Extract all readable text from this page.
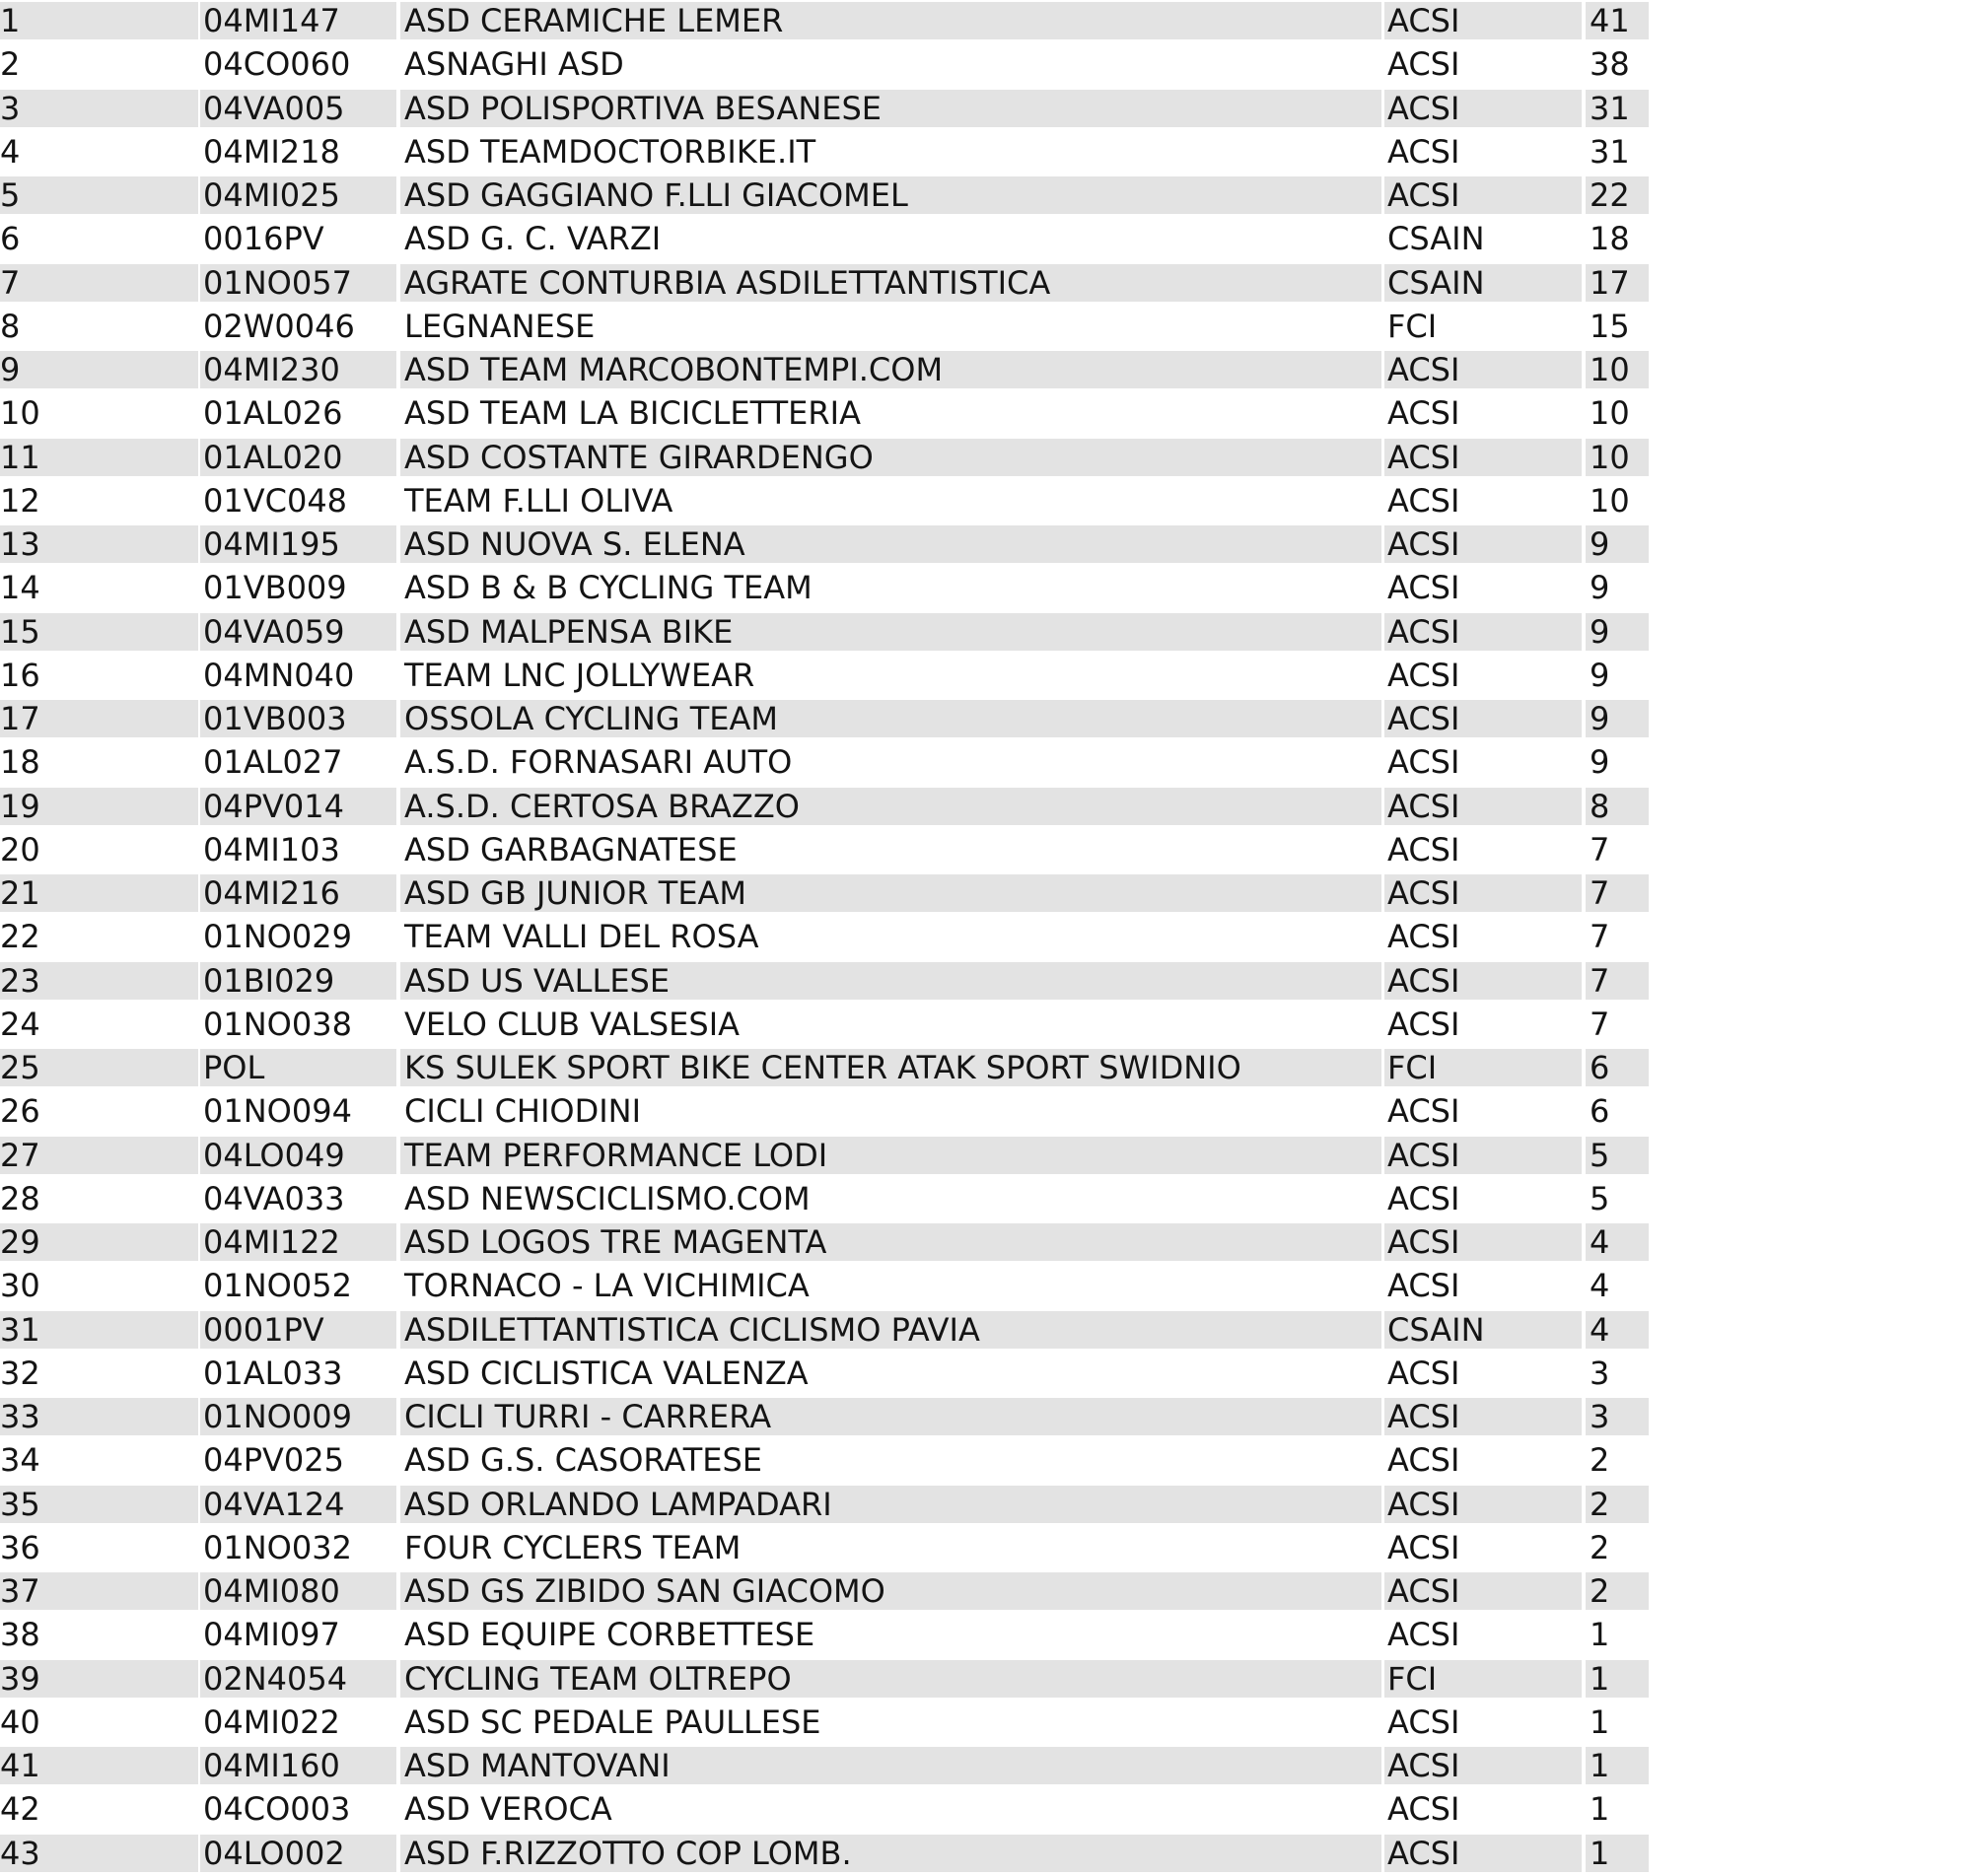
1	04MI147	ASD CERAMICHE LEMER	ACSI	41
2	04CO060	ASNAGHI ASD	ACSI	38
3	04VA005	ASD POLISPORTIVA BESANESE	ACSI	31
4	04MI218	ASD TEAMDOCTORBIKE.IT	ACSI	31
5	04MI025	ASD GAGGIANO F.LLI GIACOMEL	ACSI	22
6	0016PV	ASD G. C. VARZI	CSAIN	18
7	01NO057	AGRATE CONTURBIA ASDILETTANTISTICA	CSAIN	17
8	02W0046	LEGNANESE	FCI	15
9	04MI230	ASD TEAM MARCOBONTEMPI.COM	ACSI	10
10	01AL026	ASD TEAM LA BICICLETTERIA	ACSI	10
11	01AL020	ASD COSTANTE GIRARDENGO	ACSI	10
12	01VC048	TEAM F.LLI OLIVA	ACSI	10
13	04MI195	ASD NUOVA S. ELENA	ACSI	9
14	01VB009	ASD B & B CYCLING TEAM	ACSI	9
15	04VA059	ASD MALPENSA BIKE	ACSI	9
16	04MN040	TEAM LNC JOLLYWEAR	ACSI	9
17	01VB003	OSSOLA CYCLING TEAM	ACSI	9
18	01AL027	A.S.D. FORNASARI AUTO	ACSI	9
19	04PV014	A.S.D. CERTOSA BRAZZO	ACSI	8
20	04MI103	ASD GARBAGNATESE	ACSI	7
21	04MI216	ASD GB JUNIOR TEAM	ACSI	7
22	01NO029	TEAM VALLI DEL ROSA	ACSI	7
23	01BI029	ASD US VALLESE	ACSI	7
24	01NO038	VELO CLUB VALSESIA	ACSI	7
25	POL	KS SULEK SPORT BIKE CENTER ATAK SPORT SWIDNIO	FCI	6
26	01NO094	CICLI CHIODINI	ACSI	6
27	04LO049	TEAM PERFORMANCE LODI	ACSI	5
28	04VA033	ASD NEWSCICLISMO.COM	ACSI	5
29	04MI122	ASD LOGOS TRE MAGENTA	ACSI	4
30	01NO052	TORNACO - LA VICHIMICA	ACSI	4
31	0001PV	ASDILETTANTISTICA CICLISMO PAVIA	CSAIN	4
32	01AL033	ASD CICLISTICA VALENZA	ACSI	3
33	01NO009	CICLI TURRI - CARRERA	ACSI	3
34	04PV025	ASD G.S. CASORATESE	ACSI	2
35	04VA124	ASD ORLANDO LAMPADARI	ACSI	2
36	01NO032	FOUR CYCLERS TEAM	ACSI	2
37	04MI080	ASD GS ZIBIDO SAN GIACOMO	ACSI	2
38	04MI097	ASD EQUIPE CORBETTESE	ACSI	1
39	02N4054	CYCLING TEAM OLTREPO	FCI	1
40	04MI022	ASD SC PEDALE PAULLESE	ACSI	1
41	04MI160	ASD MANTOVANI	ACSI	1
42	04CO003	ASD VEROCA	ACSI	1
43	04LO002	ASD F.RIZZOTTO COP LOMB.	ACSI	1
